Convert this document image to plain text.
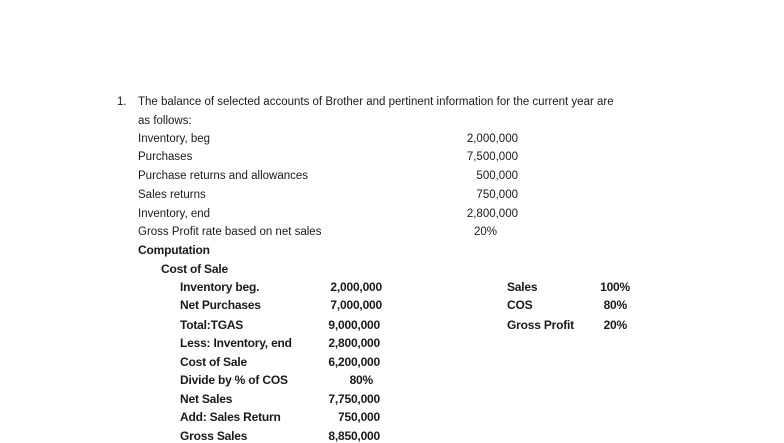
1. The balance of selected accounts of Brother and pertinent information for the current year are
as follows:
Inventory, beg	2,000,000
Purchases	7,500,000
Purchase returns and allowances	500,000
Sales returns	750,000
Inventory, end	2,800,000
Gross Profit rate based on net sales	20%
Computation
Cost of Sale
Inventory beg.	2,000,000
Net Purchases	7,000,000
Total:TGAS	9,000,000
Less: Inventory, end	2,800,000
Cost of Sale	6,200,000
Divide by % of COS	80%
Net Sales	7,750,000
Add: Sales Return	750,000
Gross Sales	8,850,000
Sales	100%
COS	80%
Gross Profit	20%
